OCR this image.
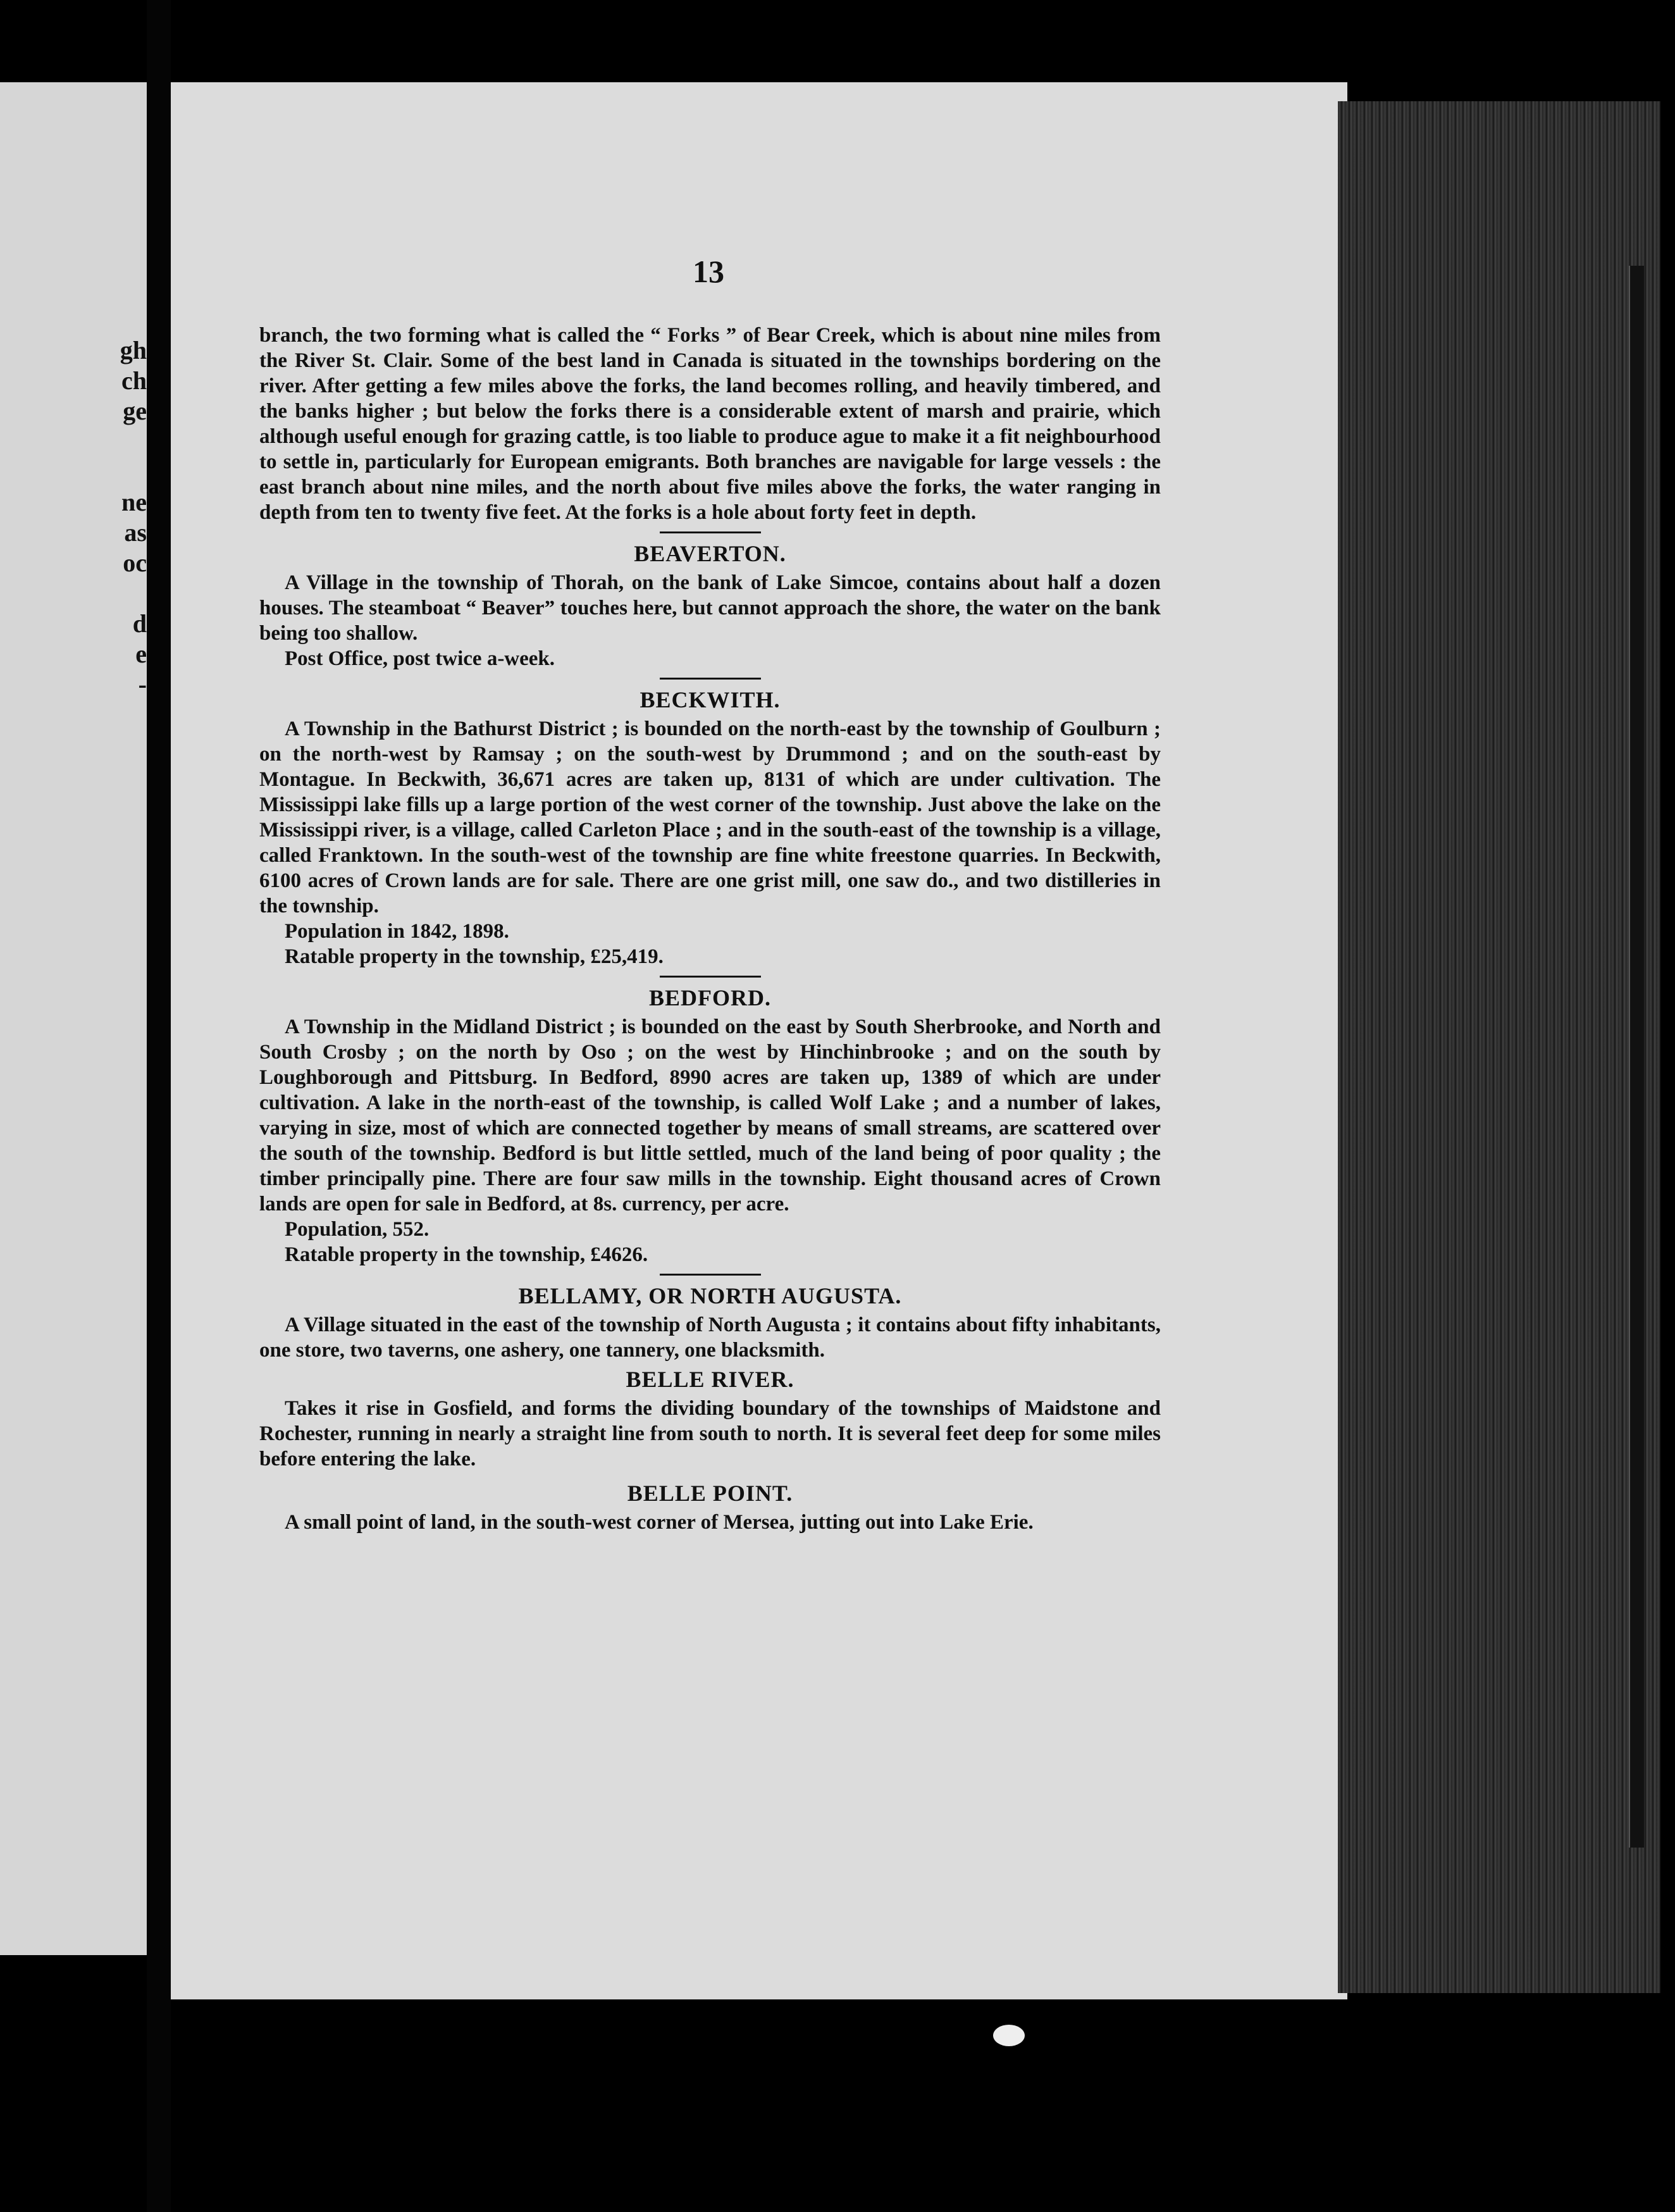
gh
ch
ge
ne
as
oc
d
e
-
13

branch, the two forming what is called the “ Forks ” of Bear Creek, which is about nine miles from the River St. Clair. Some of the best land in Canada is situated in the townships bordering on the river. After getting a few miles above the forks, the land becomes rolling, and heavily timbered, and the banks higher ; but below the forks there is a considerable extent of marsh and prairie, which although useful enough for grazing cattle, is too liable to produce ague to make it a fit neighbourhood to settle in, particularly for European emigrants. Both branches are navigable for large vessels : the east branch about nine miles, and the north about five miles above the forks, the water ranging in depth from ten to twenty five feet. At the forks is a hole about forty feet in depth.

BEAVERTON.

A Village in the township of Thorah, on the bank of Lake Simcoe, contains about half a dozen houses. The steamboat “ Beaver” touches here, but cannot approach the shore, the water on the bank being too shallow.

Post Office, post twice a-week.

BECKWITH.

A Township in the Bathurst District ; is bounded on the north-east by the township of Goulburn ; on the north-west by Ramsay ; on the south-west by Drummond ; and on the south-east by Montague. In Beckwith, 36,671 acres are taken up, 8131 of which are under cultivation. The Mississippi lake fills up a large portion of the west corner of the township. Just above the lake on the Mississippi river, is a village, called Carleton Place ; and in the south-east of the township is a village, called Franktown. In the south-west of the township are fine white freestone quarries. In Beckwith, 6100 acres of Crown lands are for sale. There are one grist mill, one saw do., and two distilleries in the township.

Population in 1842, 1898.

Ratable property in the township, £25,419.

BEDFORD.

A Township in the Midland District ; is bounded on the east by South Sherbrooke, and North and South Crosby ; on the north by Oso ; on the west by Hinchinbrooke ; and on the south by Loughborough and Pittsburg. In Bedford, 8990 acres are taken up, 1389 of which are under cultivation. A lake in the north-east of the township, is called Wolf Lake ; and a number of lakes, varying in size, most of which are connected together by means of small streams, are scattered over the south of the township. Bedford is but little settled, much of the land being of poor quality ; the timber principally pine. There are four saw mills in the township. Eight thousand acres of Crown lands are open for sale in Bedford, at 8s. currency, per acre.

Population, 552.

Ratable property in the township, £4626.

BELLAMY, OR NORTH AUGUSTA.

A Village situated in the east of the township of North Augusta ; it contains about fifty inhabitants, one store, two taverns, one ashery, one tannery, one blacksmith.

BELLE RIVER.

Takes it rise in Gosfield, and forms the dividing boundary of the townships of Maidstone and Rochester, running in nearly a straight line from south to north. It is several feet deep for some miles before entering the lake.

BELLE POINT.

A small point of land, in the south-west corner of Mersea, jutting out into Lake Erie.
